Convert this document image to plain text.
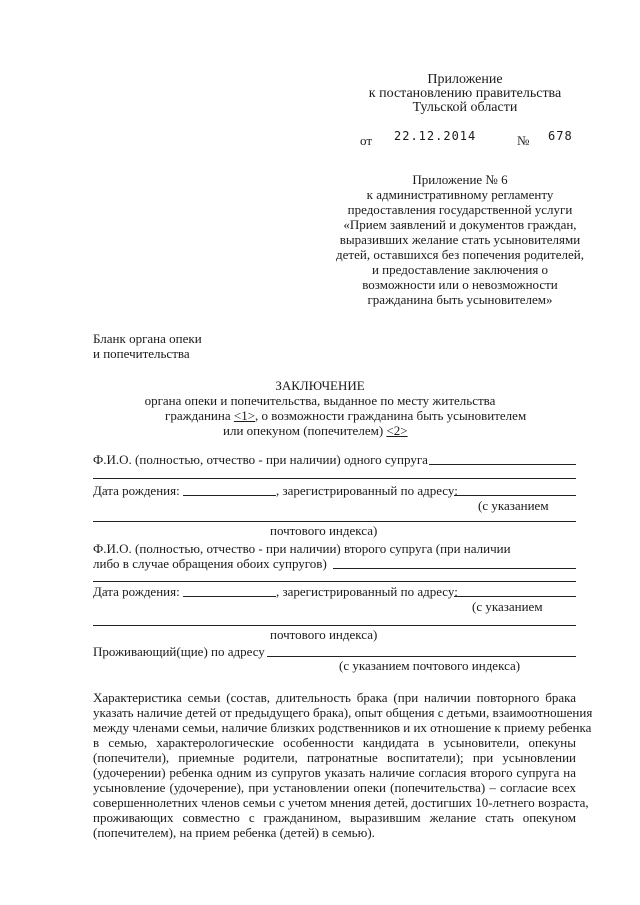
Приложение
к постановлению правительства
Тульской области
от 22.12.2014	№ 678
Приложение № 6
к административному регламенту
предоставления государственной услуги
«Прием заявлений и документов граждан,
выразивших желание стать усыновителями
детей, оставшихся без попечения родителей,
и предоставление заключения о
возможности или о невозможности
гражданина быть усыновителем»
Бланк органа опеки
и попечительства
ЗАКЛЮЧЕНИЕ
органа опеки и попечительства, выданное по месту жительства
гражданина <1>, о возможности гражданина быть усыновителем
или опекуном (попечителем) <2>
Ф.И.О. (полностью, отчество - при наличии) одного супруга
Дата рождения:	, зарегистрированный по адресу:
(с указанием
почтового индекса)
Ф.И.О. (полностью, отчество - при наличии) второго супруга (при наличии
либо в случае обращения обоих супругов)
Дата рождения:	, зарегистрированный по адресу:
(с указанием
почтового индекса)
Проживающий(щие) по адресу
(с указанием почтового индекса)
Характеристика семьи (состав, длительность брака (при наличии повторного брака
указать наличие детей от предыдущего брака), опыт общения с детьми, взаимоотношения
между членами семьи, наличие близких родственников и их отношение к приему ребенка
в семью, характерологические особенности кандидата в усыновители, опекуны
(попечители), приемные родители, патронатные воспитатели); при усыновлении
(удочерении) ребенка одним из супругов указать наличие согласия второго супруга на
усыновление (удочерение), при установлении опеки (попечительства) – согласие всех
совершеннолетних членов семьи с учетом мнения детей, достигших 10-летнего возраста,
проживающих совместно с гражданином, выразившим желание стать опекуном
(попечителем), на прием ребенка (детей) в семью).
